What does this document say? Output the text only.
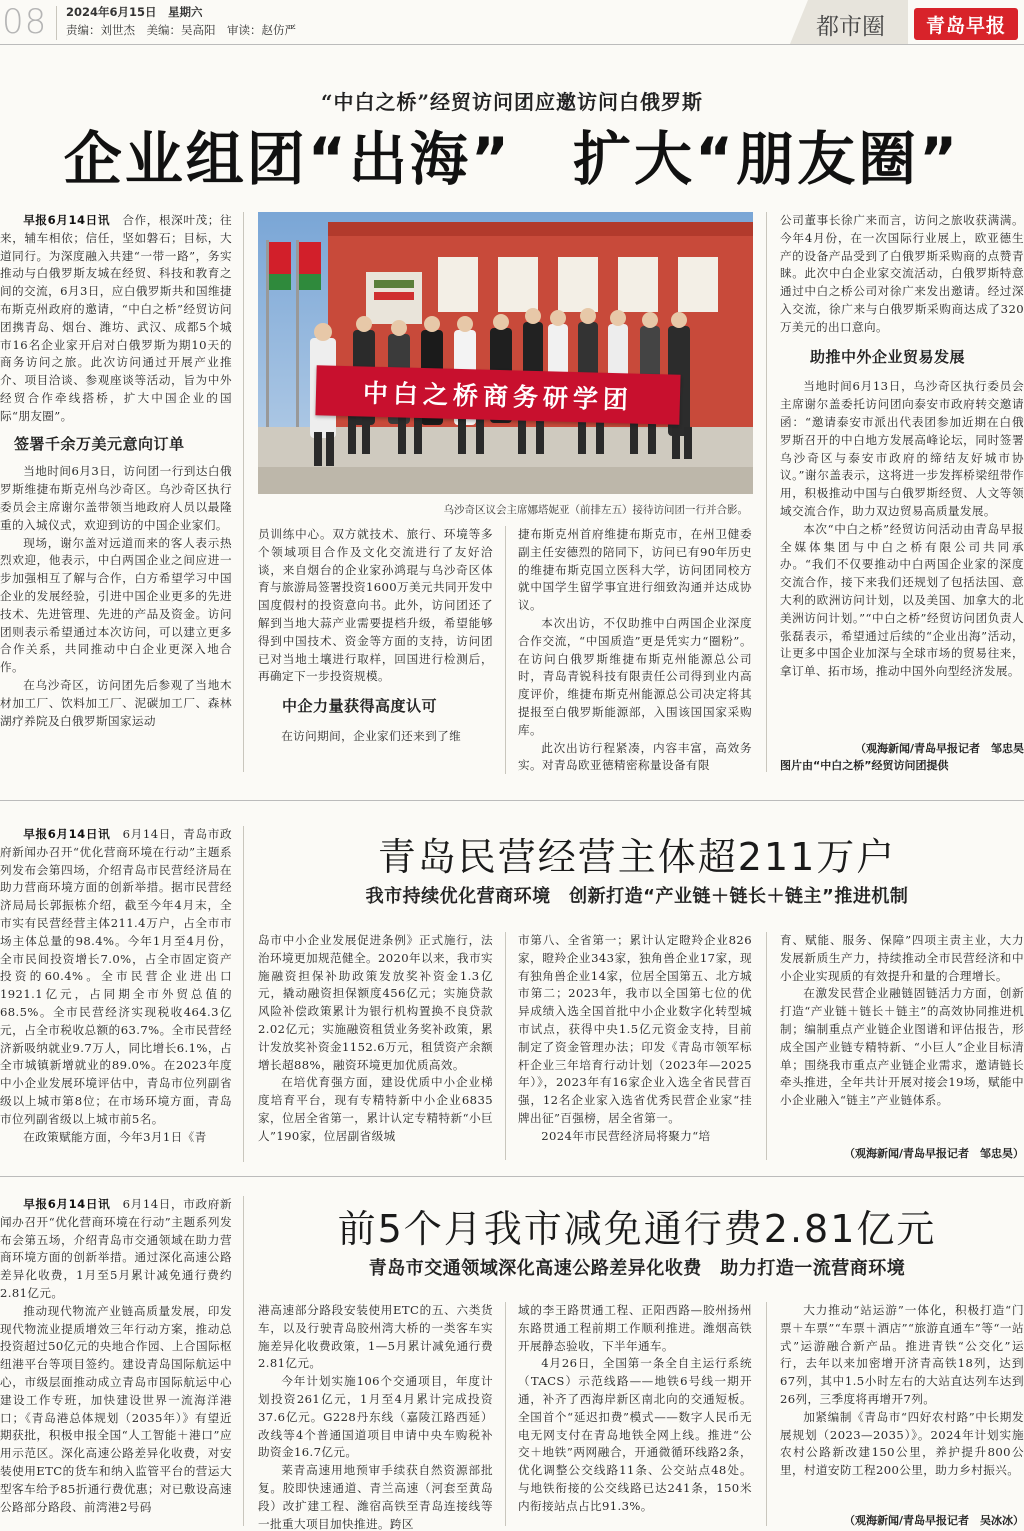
08 2024年6月15日　星期六
责编：刘世杰　美编：吴高阳　审读：赵仿严	都市圈 青岛早报
“中白之桥”经贸访问团应邀访问白俄罗斯
企业组团“出海”　扩大“朋友圈”

早报6月14日讯　 合作，根深叶茂；往来，辅车相依；信任，坚如磐石；目标，大道同行。为深度融入共建“一带一路”，务实推动与白俄罗斯友城在经贸、科技和教育之间的交流，6月3日，应白俄罗斯共和国维捷布斯克州政府的邀请，“中白之桥”经贸访问团携青岛、烟台、潍坊、武汉、成都5个城市16名企业家开启对白俄罗斯为期10天的商务访问之旅。此次访问通过开展产业推介、项目洽谈、参观座谈等活动，旨为中外经贸合作牵线搭桥，扩大中国企业的国际“朋友圈”。

签署千余万美元意向订单

当地时间6月3日，访问团一行到达白俄罗斯维捷布斯克州乌沙奇区。乌沙奇区执行委员会主席谢尔盖带领当地政府人员以最隆重的入城仪式，欢迎到访的中国企业家们。

现场，谢尔盖对远道而来的客人表示热烈欢迎，他表示，中白两国企业之间应进一步加强相互了解与合作，白方希望学习中国企业的发展经验，引进中国企业更多的先进技术、先进管理、先进的产品及资金。访问团则表示希望通过本次访问，可以建立更多合作关系，共同推动中白企业更深入地合作。

在乌沙奇区，访问团先后参观了当地木材加工厂、饮料加工厂、泥碳加工厂、森林湖疗养院及白俄罗斯国家运动

中白之桥商务研学团
乌沙奇区议会主席娜塔妮亚（前排左五）接待访问团一行并合影。

员训练中心。双方就技术、旅行、环境等多个领域项目合作及文化交流进行了友好洽谈，来自烟台的企业家孙鸿琨与乌沙奇区体育与旅游局签署投资1600万美元共同开发中国度假村的投资意向书。此外，访问团还了解到当地大蒜产业需要提档升级，希望能够得到中国技术、资金等方面的支持，访问团已对当地土壤进行取样，回国进行检测后，再确定下一步投资规模。

中企力量获得高度认可

在访问期间，企业家们还来到了维

捷布斯克州首府维捷布斯克市，在州卫健委副主任安德烈的陪同下，访问已有90年历史的维捷布斯克国立医科大学，访问团同校方就中国学生留学事宜进行细致沟通并达成协议。

本次出访，不仅助推中白两国企业深度合作交流，“中国质造”更是凭实力“圈粉”。在访问白俄罗斯维捷布斯克州能源总公司时，青岛青锐科技有限责任公司得到业内高度评价，维捷布斯克州能源总公司决定将其提报至白俄罗斯能源部，入围该国国家采购库。

此次出访行程紧凑，内容丰富，高效务实。对青岛欧亚德精密称量设备有限

公司董事长徐广来而言，访问之旅收获满满。今年4月份，在一次国际行业展上，欧亚德生产的设备产品受到了白俄罗斯采购商的点赞青睐。此次中白企业家交流活动，白俄罗斯特意通过中白之桥公司对徐广来发出邀请。经过深入交流，徐广来与白俄罗斯采购商达成了320万美元的出口意向。

助推中外企业贸易发展

当地时间6月13日，乌沙奇区执行委员会主席谢尔盖委托访问团向泰安市政府转交邀请函：“邀请泰安市派出代表团参加近期在白俄罗斯召开的中白地方发展高峰论坛，同时签署乌沙奇区与泰安市政府的缔结友好城市协议。”谢尔盖表示，这将进一步发挥桥梁纽带作用，积极推动中国与白俄罗斯经贸、人文等领域交流合作，助力双边贸易高质量发展。

本次“中白之桥”经贸访问活动由青岛早报全媒体集团与中白之桥有限公司共同承办。“我们不仅要推动中白两国企业家的深度交流合作，接下来我们还规划了包括法国、意大利的欧洲访问计划，以及美国、加拿大的北美洲访问计划。”“中白之桥”经贸访问团负责人张磊表示，希望通过后续的“企业出海”活动，让更多中国企业加深与全球市场的贸易往来，拿订单、拓市场，推动中国外向型经济发展。

（观海新闻/青岛早报记者　邹忠昊
图片由“中白之桥”经贸访问团提供

早报6月14日讯　 6月14日，青岛市政府新闻办召开“优化营商环境在行动”主题系列发布会第四场，介绍青岛市民营经济局在助力营商环境方面的创新举措。据市民营经济局局长郭振栋介绍，截至今年4月末，全市实有民营经营主体211.4万户，占全市市场主体总量的98.4%。今年1月至4月份，全市民间投资增长7.0%，占全市固定资产投资的60.4%。全市民营企业进出口1921.1亿元，占同期全市外贸总值的68.5%。全市民营经济实现税收464.3亿元，占全市税收总额的63.7%。全市民营经济新吸纳就业9.7万人，同比增长6.1%，占全市城镇新增就业的89.0%。在2023年度中小企业发展环境评估中，青岛市位列副省级以上城市第8位；在市场环境方面，青岛市位列副省级以上城市前5名。

在政策赋能方面，今年3月1日《青

青岛民营经营主体超211万户
我市持续优化营商环境　创新打造“产业链＋链长＋链主”推进机制

岛市中小企业发展促进条例》正式施行，法治环境更加规范健全。2020年以来，我市实施融资担保补助政策发放奖补资金1.3亿元，撬动融资担保额度456亿元；实施贷款风险补偿政策累计为银行机构置换不良贷款2.02亿元；实施融资租赁业务奖补政策，累计发放奖补资金1152.6万元，租赁资产余额增长超88%，融资环境更加优质高效。

在培优育强方面，建设优质中小企业梯度培育平台，现有专精特新中小企业6835家，位居全省第一，累计认定专精特新“小巨人”190家，位居副省级城

市第八、全省第一；累计认定瞪羚企业826家，瞪羚企业343家，独角兽企业17家，现有独角兽企业14家，位居全国第五、北方城市第二；2023年，我市以全国第七位的优异成绩入选全国首批中小企业数字化转型城市试点，获得中央1.5亿元资金支持，目前制定了资金管理办法；印发《青岛市领军标杆企业三年培育行动计划（2023年—2025年）》，2023年有16家企业入选全省民营百强，12名企业家入选省优秀民营企业家“挂牌出征”百强榜，居全省第一。

2024年市民营经济局将聚力“培

育、赋能、服务、保障”四项主责主业，大力发展新质生产力，持续推动全市民营经济和中小企业实现质的有效提升和量的合理增长。

在激发民营企业融链固链活力方面，创新打造“产业链＋链长＋链主”的高效协同推进机制；编制重点产业链企业图谱和评估报告，形成全国产业链专精特新、“小巨人”企业目标清单；围绕我市重点产业链企业需求，邀请链长牵头推进，全年共计开展对接会19场，赋能中小企业融入“链主”产业链体系。

（观海新闻/青岛早报记者　邹忠昊）

早报6月14日讯　 6月14日，市政府新闻办召开“优化营商环境在行动”主题系列发布会第五场，介绍青岛市交通领域在助力营商环境方面的创新举措。通过深化高速公路差异化收费，1月至5月累计减免通行费约2.81亿元。

推动现代物流产业链高质量发展，印发现代物流业提质增效三年行动方案，推动总投资超过50亿元的央地合作园、上合国际枢纽港平台等项目签约。建设青岛国际航运中心，市级层面推动成立青岛市国际航运中心建设工作专班，加快建设世界一流海洋港口；《青岛港总体规划（2035年）》有望近期获批，积极申报全国“人工智能＋港口”应用示范区。深化高速公路差异化收费，对安装使用ETC的货车和纳入监管平台的营运大型客车给予85折通行费优惠；对已敷设高速公路部分路段、前湾港2号码

前5个月我市减免通行费2.81亿元
青岛市交通领域深化高速公路差异化收费　助力打造一流营商环境

港高速部分路段安装使用ETC的五、六类货车，以及行驶青岛胶州湾大桥的一类客车实施差异化收费政策，1—5月累计减免通行费2.81亿元。

今年计划实施106个交通项目，年度计划投资261亿元，1月至4月累计完成投资37.6亿元。G228丹东线（嘉陵江路西延）改线等4个普通国道项目申请中央车购税补助资金16.7亿元。

莱青高速用地预审手续获自然资源部批复。胶即快速通道、青兰高速（河套至黄岛段）改扩建工程、潍宿高铁至青岛连接线等一批重大项目加快推进。跨区

域的李王路贯通工程、正阳西路—胶州扬州东路贯通工程前期工作顺利推进。潍烟高铁开展静态验收，下半年通车。

4月26日，全国第一条全自主运行系统（TACS）示范线路——地铁6号线一期开通，补齐了西海岸新区南北向的交通短板。全国首个“延迟扣费”模式——数字人民币无电无网支付在青岛地铁全网上线。推进“公交＋地铁”两网融合，开通微循环线路2条，优化调整公交线路11条、公交站点48处。与地铁衔接的公交线路已达241条，150米内衔接站点占比91.3%。

大力推动“站运游”一体化，积极打造“门票＋车票”“车票＋酒店”“旅游直通车”等“一站式”运游融合新产品。推进青铁“公交化”运行，去年以来加密增开济青高铁18列，达到67列，其中1.5小时左右的大站直达列车达到26列，三季度将再增开7列。

加紧编制《青岛市“四好农村路”中长期发展规划（2023—2035）》。2024年计划实施农村公路新改建150公里，养护提升800公里，村道安防工程200公里，助力乡村振兴。

（观海新闻/青岛早报记者　吴冰冰）
